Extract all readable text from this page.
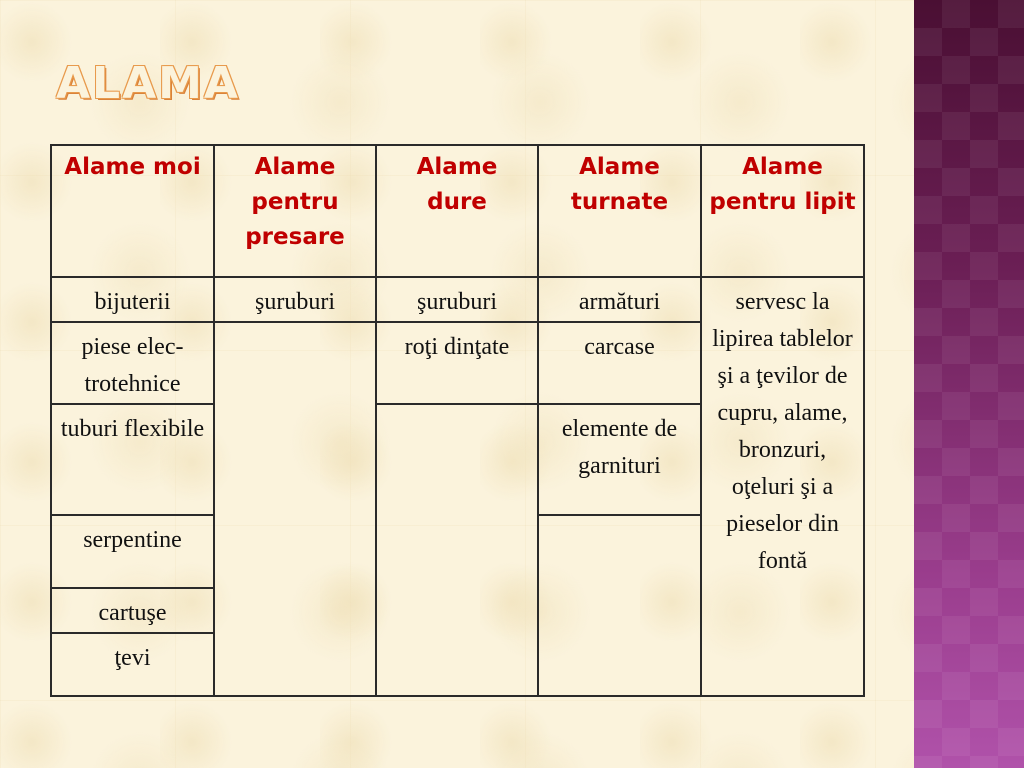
ALAMA
Alame moi	Alame pentru presare	Alame dure	Alame turnate	Alame pentru lipit
bijuterii	şuruburi	şuruburi	armături	servesc la lipirea tablelor şi a ţevilor de cupru, alame, bronzuri, oţeluri şi a pieselor din fontă
piese elec-trotehnice		roţi dinţate	carcase	
tuburi flexibile			elemente de garnituri	
serpentine				
cartuşe				
ţevi				
